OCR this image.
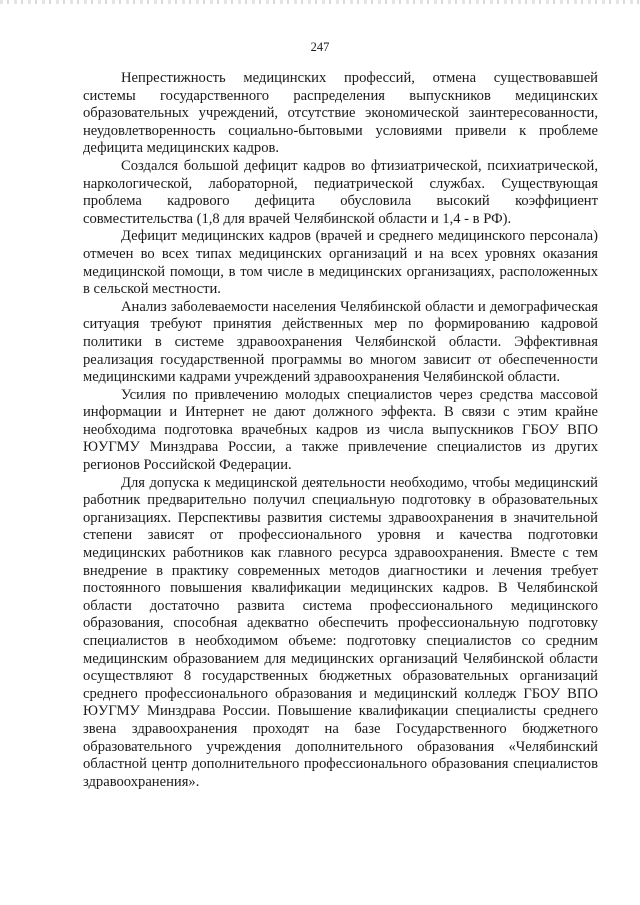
247

Непрестижность медицинских профессий, отмена существовавшей системы государственного распределения выпускников медицинских образовательных учреждений, отсутствие экономической заинтересованности, неудовлетворенность социально-бытовыми условиями привели к проблеме дефицита медицинских кадров.

Создался большой дефицит кадров во фтизиатрической, психиатрической, наркологической, лабораторной, педиатрической службах. Существующая проблема кадрового дефицита обусловила высокий коэффициент совместительства (1,8 для врачей Челябинской области и 1,4 - в РФ).

Дефицит медицинских кадров (врачей и среднего медицинского персонала) отмечен во всех типах медицинских организаций и на всех уровнях оказания медицинской помощи, в том числе в медицинских организациях, расположенных в сельской местности.

Анализ заболеваемости населения Челябинской области и демографическая ситуация требуют принятия действенных мер по формированию кадровой политики в системе здравоохранения Челябинской области. Эффективная реализация государственной программы во многом зависит от обеспеченности медицинскими кадрами учреждений здравоохранения Челябинской области.

Усилия по привлечению молодых специалистов через средства массовой информации и Интернет не дают должного эффекта. В связи с этим крайне необходима подготовка врачебных кадров из числа выпускников ГБОУ ВПО ЮУГМУ Минздрава России, а также привлечение специалистов из других регионов Российской Федерации.

Для допуска к медицинской деятельности необходимо, чтобы медицинский работник предварительно получил специальную подготовку в образовательных организациях. Перспективы развития системы здравоохранения в значительной степени зависят от профессионального уровня и качества подготовки медицинских работников как главного ресурса здравоохранения. Вместе с тем внедрение в практику современных методов диагностики и лечения требует постоянного повышения квалификации медицинских кадров. В Челябинской области достаточно развита система профессионального медицинского образования, способная адекватно обеспечить профессиональную подготовку специалистов в необходимом объеме: подготовку специалистов со средним медицинским образованием для медицинских организаций Челябинской области осуществляют 8 государственных бюджетных образовательных организаций среднего профессионального образования и медицинский колледж ГБОУ ВПО ЮУГМУ Минздрава России. Повышение квалификации специалисты среднего звена здравоохранения проходят на базе Государственного бюджетного образовательного учреждения дополнительного образования «Челябинский областной центр дополнительного профессионального образования специалистов здравоохранения».
